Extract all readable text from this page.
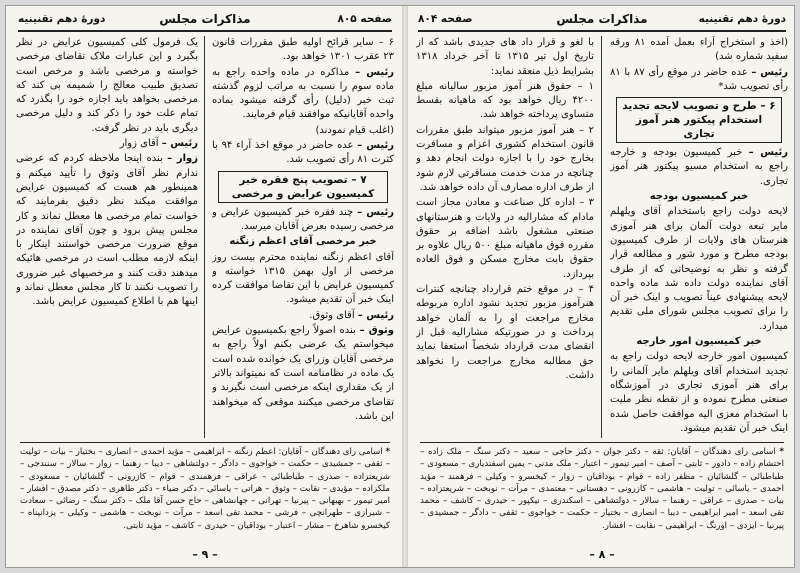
صفحه ۸۰۵
مذاکرات مجلس
دورهٔ دهم تقنینیه
۶ – سایر قرائح اولیه طبق مقررات قانون ۲۳ عقرب ۱۳۰۱ خواهد بود.
رئیس – مذاکره در ماده واحده راجع به ماده سوم را نسبت به مراتب لزوم گذشته ثبت خبر (دلیل) رأی گرفته میشود بماده واحده آقایانیکه موافقند قیام فرمایند.
(اغلب قیام نمودند)
رئیس – عده حاضر در موقع اخذ آراء ۹۴ با کثرت ۸۱ رأی تصویب شد.
۷ – تصویب پنج فقره خبر کمیسیون عرایض و مرخصی
رئیس – چند فقره خبر کمیسیون عرایض و مرخصی رسیده بعرض آقایان میرسد.
خبر مرخصی آقای اعظم زنگنه
آقای اعظم زنگنه نماینده محترم بیست روز مرخصی از اول بهمن ۱۳۱۵ خواسته و کمیسیون عرایض با این تقاضا موافقت کرده اینک خبر آن تقدیم میشود.
رئیس – آقای وثوق.
وثوق – بنده اصولاً راجع بکمیسیون عرایض میخواستم یک عرضی بکنم اولاً راجع به مرخصی آقایان وزرای یک خوانده شده است یک ماده در نظامنامه است که نمیتواند بالاتر از یک مقداری اینکه مرخصی است نگیرند و تقاضای مرخصی میکنند موقعی که میخواهند این باشد.
یک فرمول کلی کمیسیون عرایض در نظر بگیرد و این عبارات ملاک تقاضای مرخصی خواسته و مرخصی باشد و مرخص است تصدیق طبیب معالج را شمیمه بی کند که مرخصی بخواهد باید اجازه خود را بگذرد که تمام علت خود را ذکر کند و دلیل مرخصی دیگری باید در نظر گرفت.
رئیس – آقای زوار
زوار – بنده اینجا ملاحظه کردم که عرضی ندارم نظر آقای وثوق را تأیید میکنم و همینطور هم هست که کمیسیون عرایض موافقت میکند نظر دقیق بفرمایند که خواست تمام مرخصی ها معطل نماند و کار مجلس پیش برود و چون آقای نماینده در موقع ضرورت مرخصی خواستند اینکار با اینکه لازمه مطلب است در مرخصی هائیکه میدهند دقت کنند و مرخصیهای غیر ضروری را تصویب نکنند تا کار مجلس معطل نماند و اینها هم با اطلاع کمیسیون عرایض باشد.
* اسامی رای دهندگان – آقایان: اعظم زنگنه – ابراهیمی – مؤید احمدی – انصاری – بختیار – بیات – تولیت – ثقفی – جمشیدی – حکمت – خواجوی – دادگر – دولتشاهی – دیبا – رهنما – زوار – سالار – سنندجی – شریعتزاده – صدری – طباطبائی – عراقی – فرهمندی – قوام – کازرونی – گلشائیان – مسعودی – ملکزاده – مؤیدی – نقابت – وثوق – هراتی – یاسائی – دکتر ضیاء – دکتر طاهری – دکتر مصدق – افشار – امیر تیمور – بهبهانی – پیرنیا – تهرانی – جهانشاهی – حاج حسن آقا ملک – دکتر سنگ – رضائی – سعادت – شیرازی – طهرانچی – فرشی – محمد تقی اسعد – مرآت – نوبخت – هاشمی – وکیلی – یزدانپناه – کیخسرو شاهرخ – مشار – اعتبار – بوداقیان – حیدری – کاشف – مؤید ثابتی.
– ۹ –
دورهٔ دهم تقنینیه
مذاکرات مجلس
صفحه ۸۰۴
(اخذ و استخراج آراء بعمل آمده ۸۱ ورقه سفید شماره شد)
رئیس – عده حاضر در موقع رأی ۸۷ با ۸۱ رأی تصویب شد*
۶ – طرح و تصویب لایحه تجدید استخدام پیکتور هنر آموز تجاری
رئیس – خبر کمیسیون بودجه و خارجه راجع به استخدام مسیو پیکتور هنر آموز تجاری.
خبر کمیسیون بودجه
لایحه دولت راجع باستخدام آقای ویلهلم مایر تبعه دولت آلمان برای هنر آموزی هنرستان های ولایات از طرف کمیسیون بودجه مطرح و مورد شور و مطالعه قرار گرفته و نظر به توضیحاتی که از طرف آقای نماینده دولت داده شد ماده واحده لایحه پیشنهادی عیناً تصویب و اینک خبر آن را برای تصویب مجلس شورای ملی تقدیم میدارد.
خبر کمیسیون امور خارجه
کمیسیون امور خارجه لایحه دولت راجع به تجدید استخدام آقای ویلهلم مایر آلمانی را برای هنر آموزی تجاری در آموزشگاه صنعتی مطرح نموده و از نقطه نظر ملیت با استخدام معزی الیه موافقت حاصل شده اینک خبر آن تقدیم میشود.
با لغو و قرار داد های جدیدی باشد که از تاریخ اول تیر ۱۳۱۵ تا آخر خرداد ۱۳۱۸ بشرایط ذیل منعقد نماید:
۱ – حقوق هنر آموز مزبور سالیانه مبلغ ۴۲۰۰ ریال خواهد بود که ماهیانه بقسط متساوی پرداخته خواهد شد.
۲ – هنر آموز مزبور میتواند طبق مقررات قانون استخدام کشوری اعزام و مسافرت بخارج خود را با اجازه دولت انجام دهد و چنانچه در مدت خدمت مسافرتی لازم شود از طرف اداره مصارف آن داده خواهد شد.
۳ – اداره کل صناعت و معادن مجاز است مادام که مشارالیه در ولایات و هنرستانهای صنعتی مشغول باشد اضافه بر حقوق مقرره فوق ماهیانه مبلغ ۵۰۰ ریال علاوه بر حقوق بابت مخارج مسکن و فوق العاده بپردازد.
۴ – در موقع ختم قرارداد چنانچه کنترات هنرآموز مزبور تجدید نشود اداره مربوطه مخارج مراجعت او را به آلمان خواهد پرداخت و در صورتیکه مشارالیه قبل از انقضای مدت قرارداد شخصاً استعفا نماید حق مطالبه مخارج مراجعت را نخواهد داشت.
* اسامی رای دهندگان – آقایان: ثقه – دکتر جوان – دکتر حاجی – سعید – دکتر سنگ – ملک زاده – احتشام زاده – دادور – ثابتی – آصف – امیر تیمور – اعتبار – ملک مدنی – یمین اسفندیاری – مسعودی – طباطبائی – گلشائیان – مظفر زاده – قوام – بوداقیان – زوار – کیخسرو – وکیلی – فرهمند – مؤید احمدی – یاسائی – تولیت – هاشمی – کازرونی – دهستانی – معتمدی – مرآت – نوبخت – شریعتزاده – بیات – صدری – عراقی – رهنما – سالار – دولتشاهی – اسکندری – نیکپور – حیدری – کاشف – محمد تقی اسعد – امیر ابراهیمی – دیبا – انصاری – بختیار – حکمت – خواجوی – ثقفی – دادگر – جمشیدی – پیرنیا – ایزدی – اورنگ – ابراهیمی – نقابت – افشار.
– ۸ –
